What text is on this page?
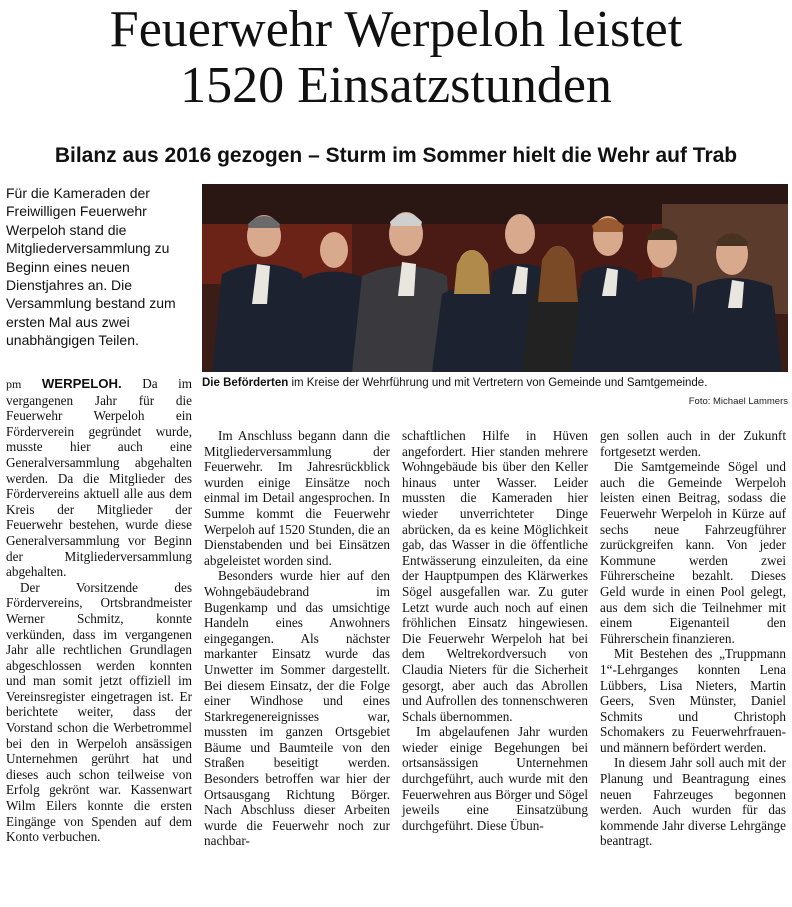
Feuerwehr Werpeloh leistet
1520 Einsatzstunden
Bilanz aus 2016 gezogen – Sturm im Sommer hielt die Wehr auf Trab
Für die Kameraden der Freiwilligen Feuerwehr Werpeloh stand die Mitgliederversammlung zu Beginn eines neuen Dienstjahres an. Die Versammlung bestand zum ersten Mal aus zwei unabhängigen Teilen.
Die Beförderten im Kreise der Wehrführung und mit Vertretern von Gemeinde und Samtgemeinde.
Foto: Michael Lammers

pm WERPELOH. Da im vergangenen Jahr für die Feuerwehr Werpeloh ein Förderverein gegründet wurde, musste hier auch eine Generalversammlung abgehalten werden. Da die Mitglieder des Fördervereins aktuell alle aus dem Kreis der Mitglieder der Feuerwehr bestehen, wurde diese Generalversammlung vor Beginn der Mitgliederversammlung abgehalten.

Der Vorsitzende des Fördervereins, Ortsbrandmeister Werner Schmitz, konnte verkünden, dass im vergangenen Jahr alle rechtlichen Grundlagen abgeschlossen werden konnten und man somit jetzt offiziell im Vereinsregister eingetragen ist. Er berichtete weiter, dass der Vorstand schon die Werbetrommel bei den in Werpeloh ansässigen Unternehmen gerührt hat und dieses auch schon teilweise von Erfolg gekrönt war. Kassenwart Wilm Eilers konnte die ersten Eingänge von Spenden auf dem Konto verbuchen.

Im Anschluss begann dann die Mitgliederversammlung der Feuerwehr. Im Jahresrückblick wurden einige Einsätze noch einmal im Detail angesprochen. In Summe kommt die Feuerwehr Werpeloh auf 1520 Stunden, die an Dienstabenden und bei Einsätzen abgeleistet worden sind.

Besonders wurde hier auf den Wohngebäudebrand im Bugenkamp und das umsichtige Handeln eines Anwohners eingegangen. Als nächster markanter Einsatz wurde das Unwetter im Sommer dargestellt. Bei diesem Einsatz, der die Folge einer Windhose und eines Starkregenereignisses war, mussten im ganzen Ortsgebiet Bäume und Baumteile von den Straßen beseitigt werden. Besonders betroffen war hier der Ortsausgang Richtung Börger. Nach Abschluss dieser Arbeiten wurde die Feuerwehr noch zur nachbar-

schaftlichen Hilfe in Hüven angefordert. Hier standen mehrere Wohngebäude bis über den Keller hinaus unter Wasser. Leider mussten die Kameraden hier wieder unverrichteter Dinge abrücken, da es keine Möglichkeit gab, das Wasser in die öffentliche Entwässerung einzuleiten, da eine der Hauptpumpen des Klärwerkes Sögel ausgefallen war. Zu guter Letzt wurde auch noch auf einen fröhlichen Einsatz hingewiesen. Die Feuerwehr Werpeloh hat bei dem Weltrekordversuch von Claudia Nieters für die Sicherheit gesorgt, aber auch das Abrollen und Aufrollen des tonnenschweren Schals übernommen.

Im abgelaufenen Jahr wurden wieder einige Begehungen bei ortsansässigen Unternehmen durchgeführt, auch wurde mit den Feuerwehren aus Börger und Sögel jeweils eine Einsatzübung durchgeführt. Diese Übun-

gen sollen auch in der Zukunft fortgesetzt werden.

Die Samtgemeinde Sögel und auch die Gemeinde Werpeloh leisten einen Beitrag, sodass die Feuerwehr Werpeloh in Kürze auf sechs neue Fahrzeugführer zurückgreifen kann. Von jeder Kommune werden zwei Führerscheine bezahlt. Dieses Geld wurde in einen Pool gelegt, aus dem sich die Teilnehmer mit einem Eigenanteil den Führerschein finanzieren.

Mit Bestehen des „Truppmann 1“-Lehrganges konnten Lena Lübbers, Lisa Nieters, Martin Geers, Sven Münster, Daniel Schmits und Christoph Schomakers zu Feuerwehrfrauen- und männern befördert werden.

In diesem Jahr soll auch mit der Planung und Beantragung eines neuen Fahrzeuges begonnen werden. Auch wurden für das kommende Jahr diverse Lehrgänge beantragt.
